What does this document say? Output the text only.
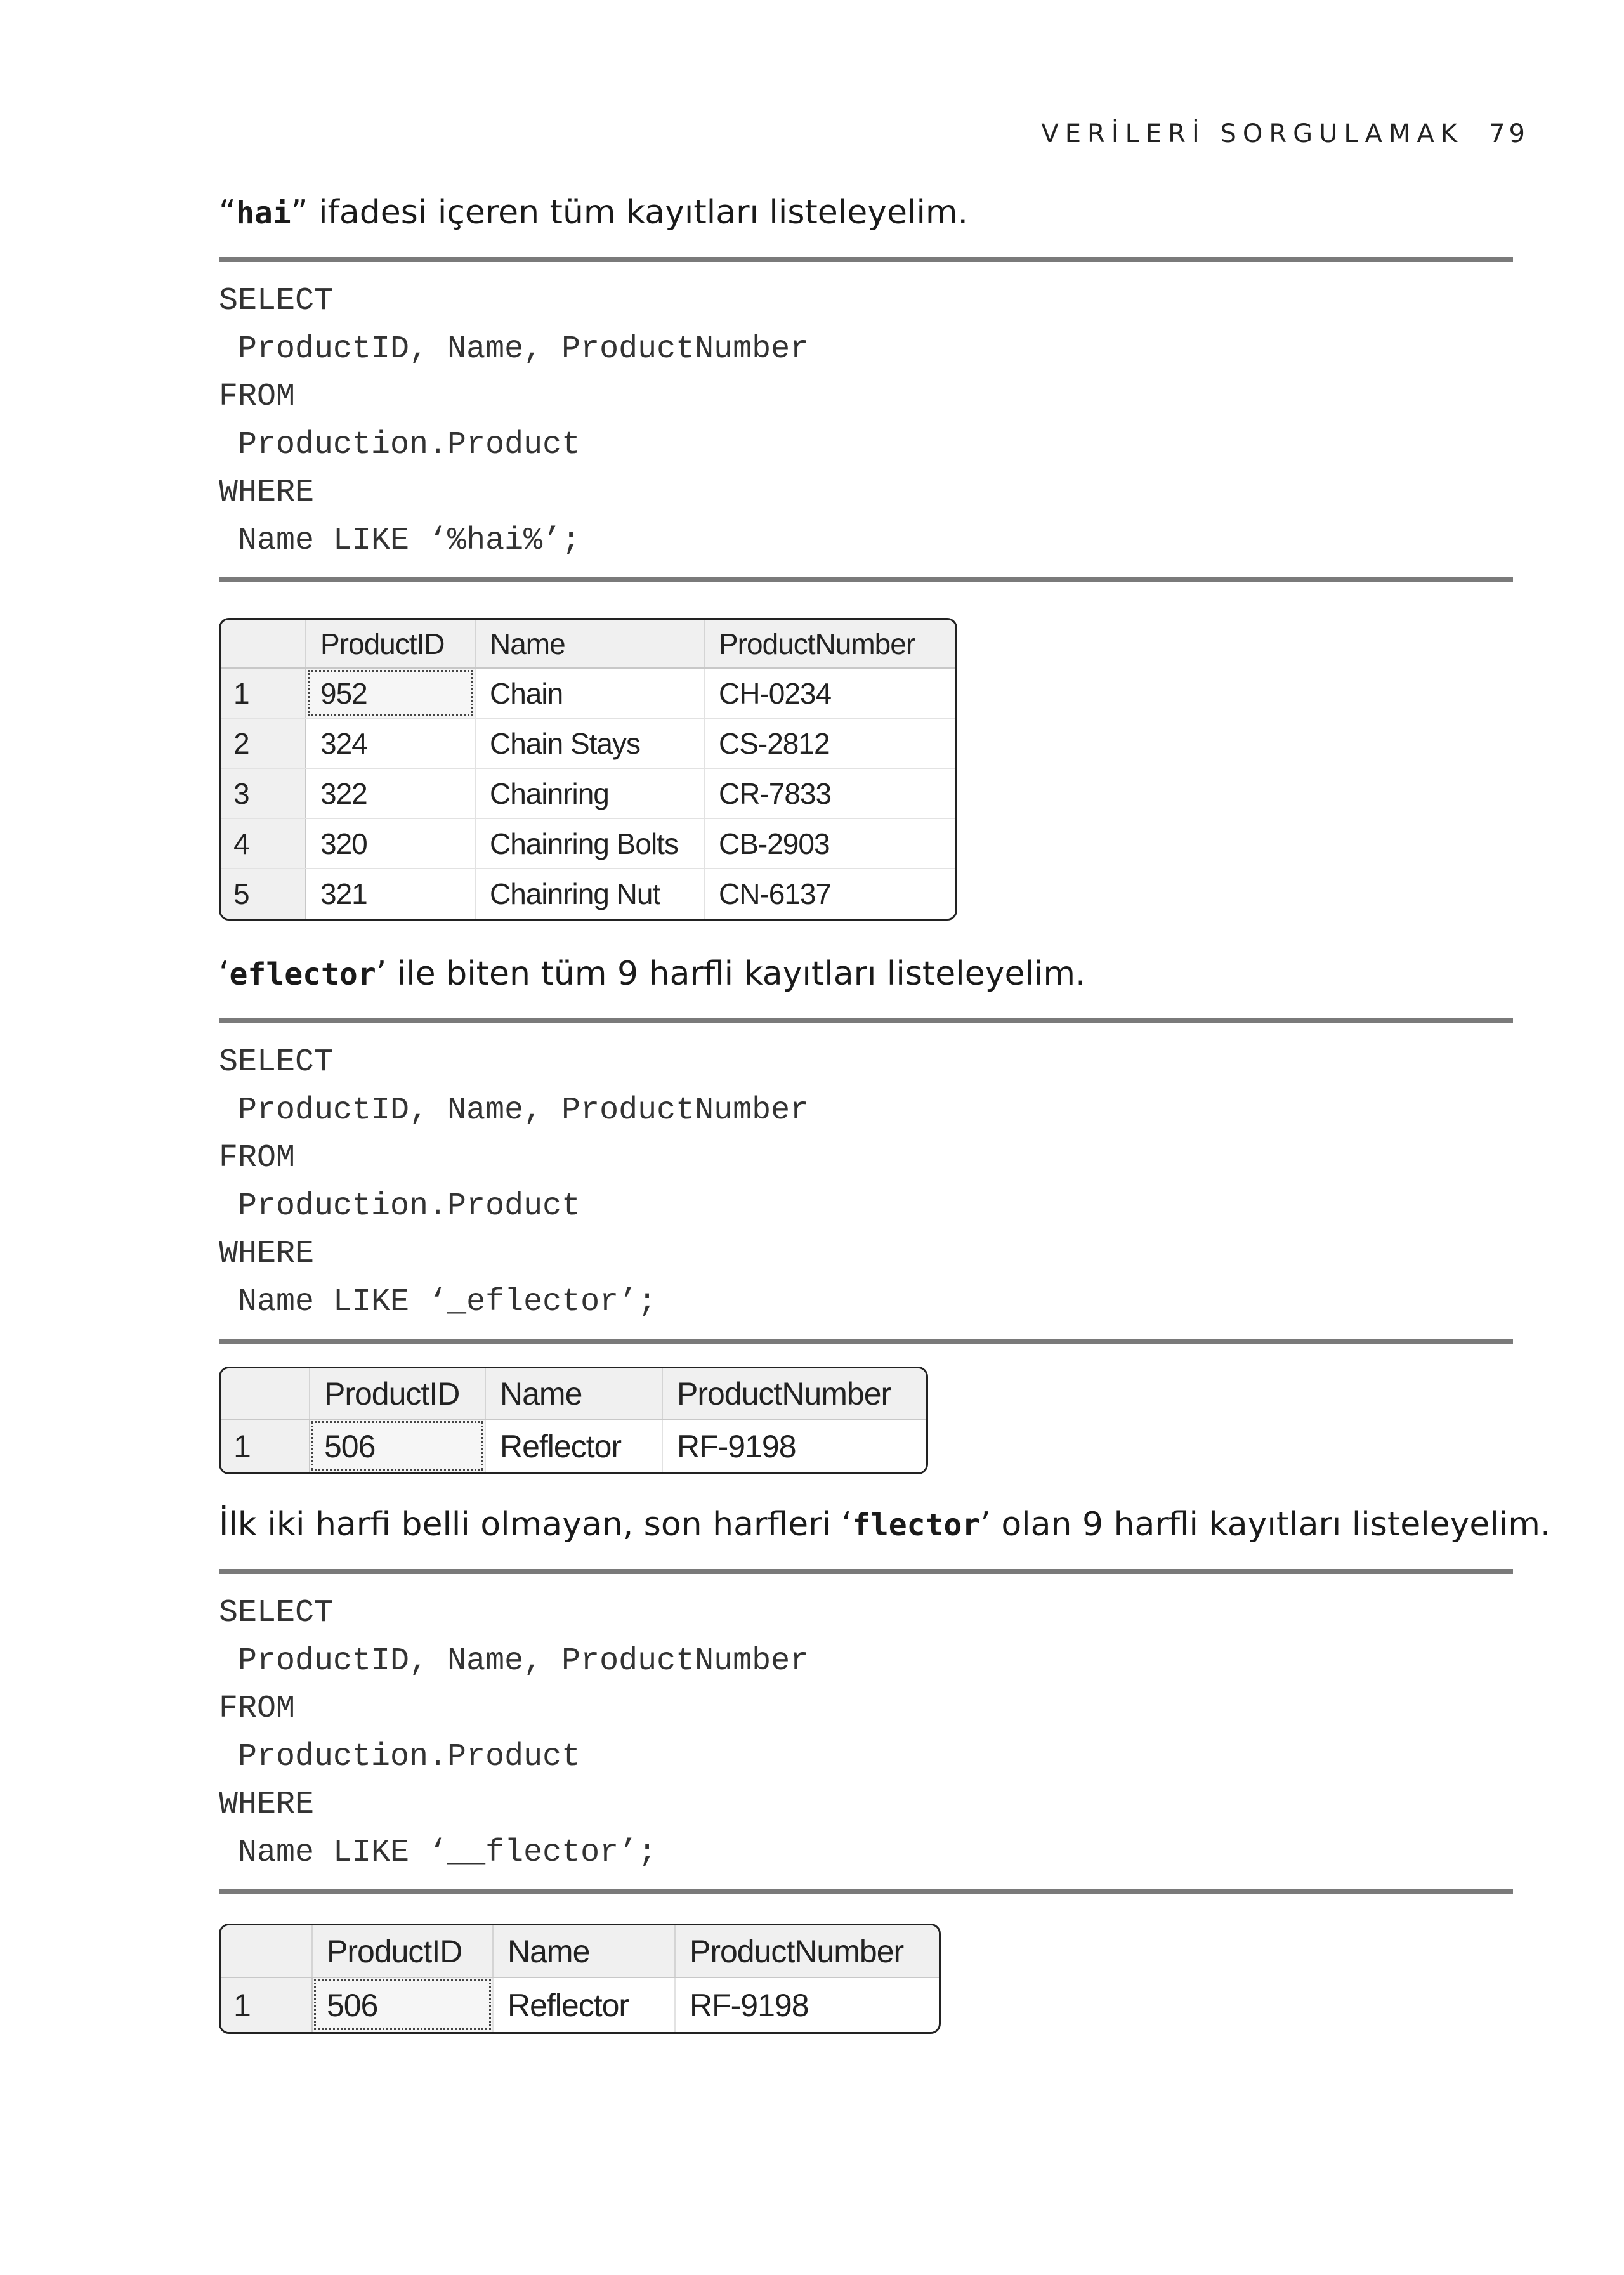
VERİLERİ SORGULAMAK 79
“hai” ifadesi içeren tüm kayıtları listeleyelim.
SELECT
ProductID, Name, ProductNumber
FROM
Production.Product
WHERE
Name LIKE ‘%hai%’;
	ProductID	Name	ProductNumber
1	952	Chain	CH-0234
2	324	Chain Stays	CS-2812
3	322	Chainring	CR-7833
4	320	Chainring Bolts	CB-2903
5	321	Chainring Nut	CN-6137
‘eflector’ ile biten tüm 9 harfli kayıtları listeleyelim.
SELECT
ProductID, Name, ProductNumber
FROM
Production.Product
WHERE
Name LIKE ‘_eflector’;
	ProductID	Name	ProductNumber
1	506	Reflector	RF-9198
İlk iki harfi belli olmayan, son harfleri ‘flector’ olan 9 harfli kayıtları listeleyelim.
SELECT
ProductID, Name, ProductNumber
FROM
Production.Product
WHERE
Name LIKE ‘__flector’;
	ProductID	Name	ProductNumber
1	506	Reflector	RF-9198
